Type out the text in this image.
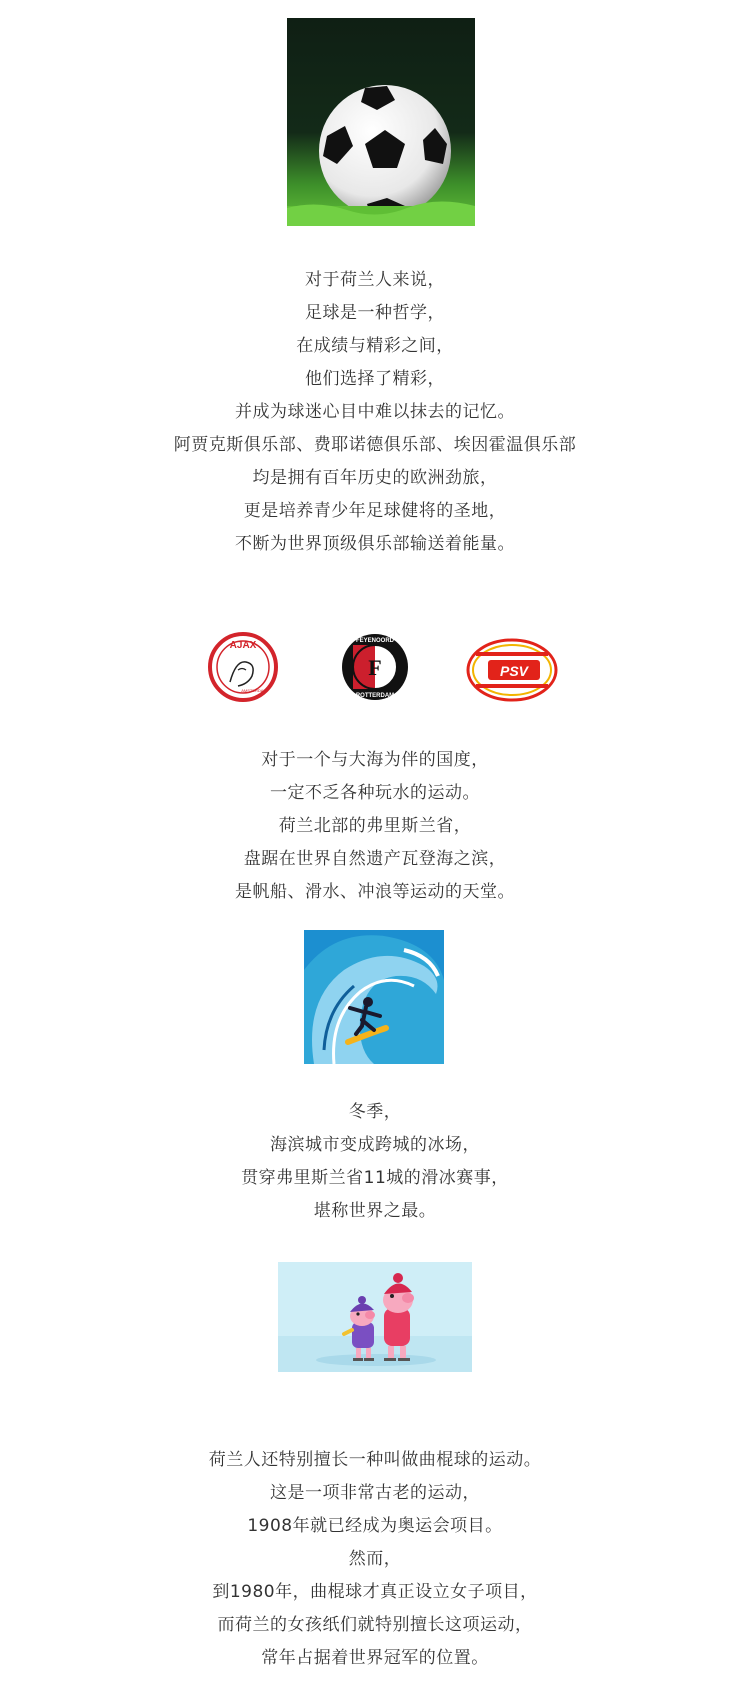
对于荷兰人来说，

足球是一种哲学，

在成绩与精彩之间，

他们选择了精彩，

并成为球迷心目中难以抹去的记忆。

阿贾克斯俱乐部、费耶诺德俱乐部、埃因霍温俱乐部

均是拥有百年历史的欧洲劲旅，

更是培养青少年足球健将的圣地，

不断为世界顶级俱乐部输送着能量。

AJAX
AMSTERDAM
F
FEYENOORD
ROTTERDAM
PSV

对于一个与大海为伴的国度，

一定不乏各种玩水的运动。

荷兰北部的弗里斯兰省，

盘踞在世界自然遗产瓦登海之滨，

是帆船、滑水、冲浪等运动的天堂。

冬季，

海滨城市变成跨城的冰场，

贯穿弗里斯兰省11城的滑冰赛事，

堪称世界之最。

荷兰人还特别擅长一种叫做曲棍球的运动。

这是一项非常古老的运动，

1908年就已经成为奥运会项目。

然而，

到1980年，曲棍球才真正设立女子项目，

而荷兰的女孩纸们就特别擅长这项运动，

常年占据着世界冠军的位置。
